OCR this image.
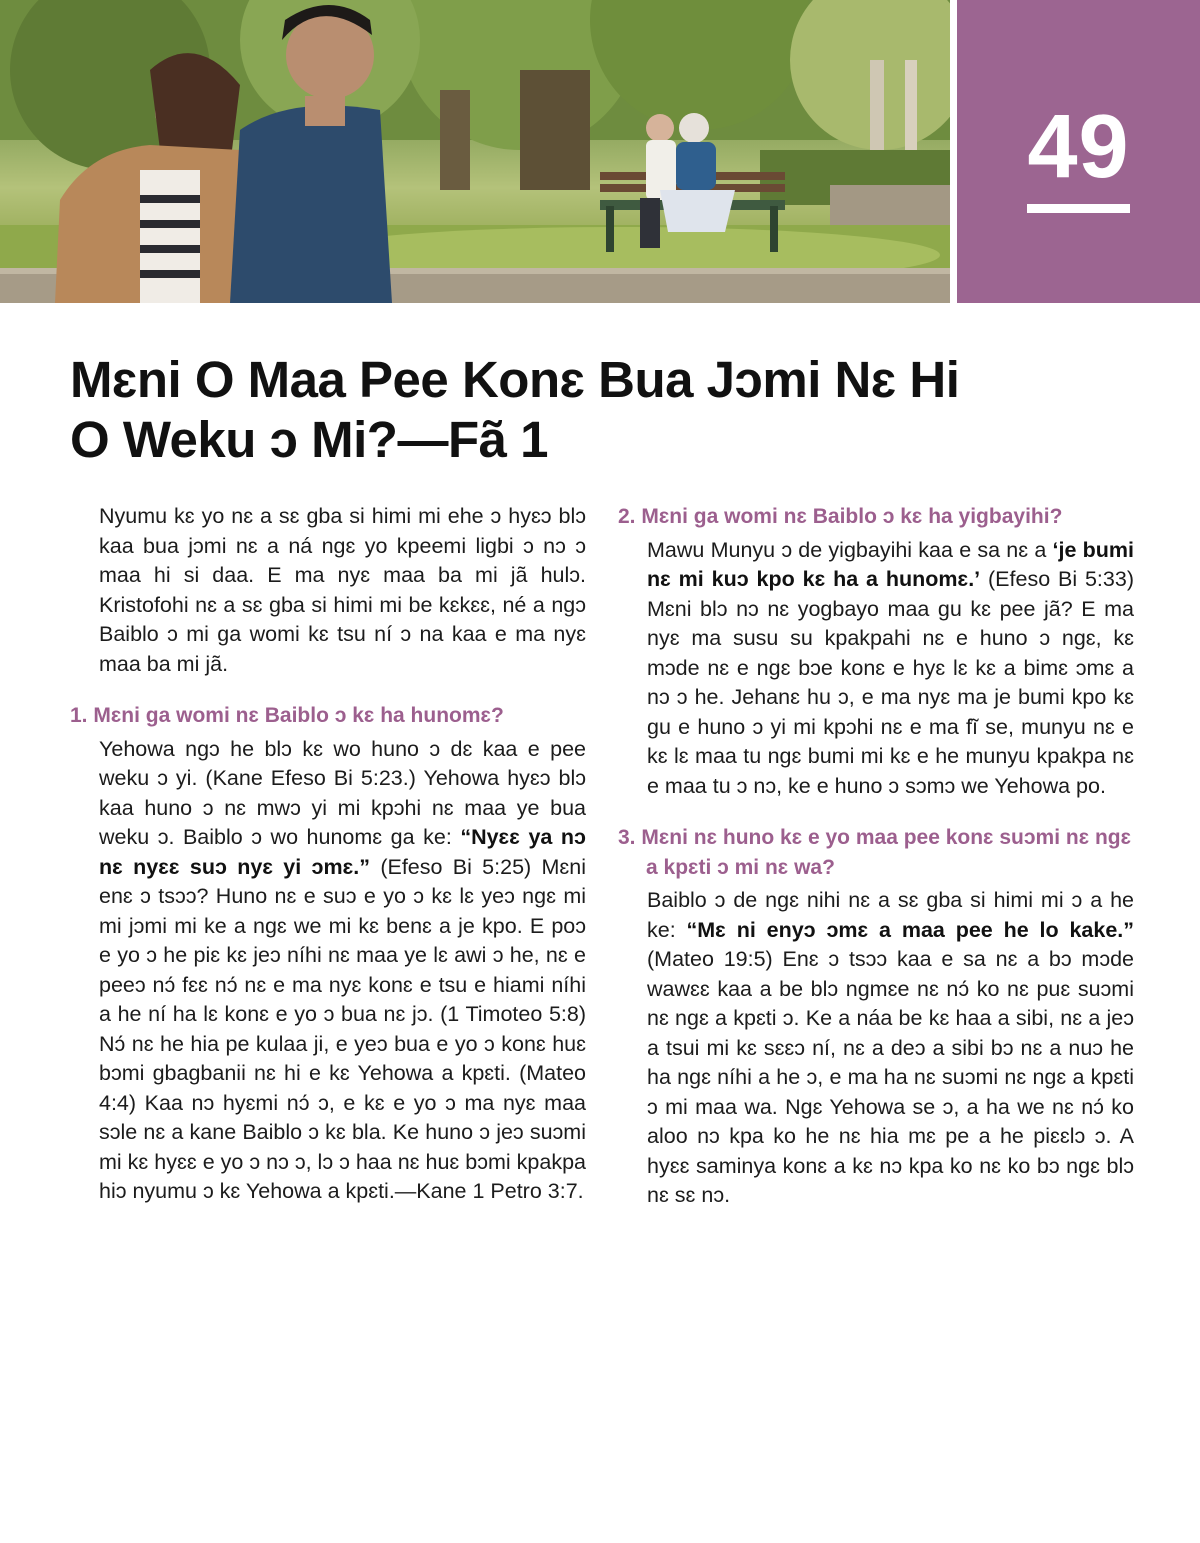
49
Mɛni O Maa Pee Konɛ Bua Jɔmi Nɛ Hi O Weku ɔ Mi?—Fã 1

Nyumu kɛ yo nɛ a sɛ gba si himi mi ehe ɔ hyɛɔ blɔ kaa bua jɔmi nɛ a ná ngɛ yo kpeemi ligbi ɔ nɔ ɔ maa hi si daa. E ma nyɛ maa ba mi jã hulɔ. Kristofohi nɛ a sɛ gba si himi mi be kɛkɛɛ, né a ngɔ Baiblo ɔ mi ga womi kɛ tsu ní ɔ na kaa e ma nyɛ maa ba mi jã.

1. Mɛni ga womi nɛ Baiblo ɔ kɛ ha hunomɛ?

Yehowa ngɔ he blɔ kɛ wo huno ɔ dɛ kaa e pee weku ɔ yi. (Kane Efeso Bi 5:23.) Yehowa hyɛɔ blɔ kaa huno ɔ nɛ mwɔ yi mi kpɔhi nɛ maa ye bua weku ɔ. Baiblo ɔ wo hunomɛ ga ke: “Nyɛɛ ya nɔ nɛ nyɛɛ suɔ nyɛ yi ɔmɛ.” (Efeso Bi 5:25) Mɛni enɛ ɔ tsɔɔ? Huno nɛ e suɔ e yo ɔ kɛ lɛ yeɔ ngɛ mi mi jɔmi mi ke a ngɛ we mi kɛ benɛ a je kpo. E poɔ e yo ɔ he piɛ kɛ jeɔ níhi nɛ maa ye lɛ awi ɔ he, nɛ e peeɔ nɔ́ fɛɛ nɔ́ nɛ e ma nyɛ konɛ e tsu e hiami níhi a he ní ha lɛ konɛ e yo ɔ bua nɛ jɔ. (1 Timoteo 5:8) Nɔ́ nɛ he hia pe kulaa ji, e yeɔ bua e yo ɔ konɛ huɛ bɔmi gbagbanii nɛ hi e kɛ Yehowa a kpɛti. (Mateo 4:4) Kaa nɔ hyɛmi nɔ́ ɔ, e kɛ e yo ɔ ma nyɛ maa sɔle nɛ a kane Baiblo ɔ kɛ bla. Ke huno ɔ jeɔ suɔmi mi kɛ hyɛɛ e yo ɔ nɔ ɔ, lɔ ɔ haa nɛ huɛ bɔmi kpakpa hiɔ nyumu ɔ kɛ Yehowa a kpɛti.—Kane 1 Petro 3:7.

2. Mɛni ga womi nɛ Baiblo ɔ kɛ ha yigbayihi?

Mawu Munyu ɔ de yigbayihi kaa e sa nɛ a ‘je bumi nɛ mi kuɔ kpo kɛ ha a hunomɛ.’ (Efeso Bi 5:33) Mɛni blɔ nɔ nɛ yogbayo maa gu kɛ pee jã? E ma nyɛ ma susu su kpakpahi nɛ e huno ɔ ngɛ, kɛ mɔde nɛ e ngɛ bɔe konɛ e hyɛ lɛ kɛ a bimɛ ɔmɛ a nɔ ɔ he. Jehanɛ hu ɔ, e ma nyɛ ma je bumi kpo kɛ gu e huno ɔ yi mi kpɔhi nɛ e ma fĩ se, munyu nɛ e kɛ lɛ maa tu ngɛ bumi mi kɛ e he munyu kpakpa nɛ e maa tu ɔ nɔ, ke e huno ɔ sɔmɔ we Yehowa po.

3. Mɛni nɛ huno kɛ e yo maa pee konɛ suɔmi nɛ ngɛ a kpɛti ɔ mi nɛ wa?

Baiblo ɔ de ngɛ nihi nɛ a sɛ gba si himi mi ɔ a he ke: “Mɛ ni enyɔ ɔmɛ a maa pee he lo kake.” (Mateo 19:5) Enɛ ɔ tsɔɔ kaa e sa nɛ a bɔ mɔde wawɛɛ kaa a be blɔ ngmɛe nɛ nɔ́ ko nɛ puɛ suɔmi nɛ ngɛ a kpɛti ɔ. Ke a náa be kɛ haa a sibi, nɛ a jeɔ a tsui mi kɛ sɛɛɔ ní, nɛ a deɔ a sibi bɔ nɛ a nuɔ he ha ngɛ níhi a he ɔ, e ma ha nɛ suɔmi nɛ ngɛ a kpɛti ɔ mi maa wa. Ngɛ Yehowa se ɔ, a ha we nɛ nɔ́ ko aloo nɔ kpa ko he nɛ hia mɛ pe a he piɛɛlɔ ɔ. A hyɛɛ saminya konɛ a kɛ nɔ kpa ko nɛ ko bɔ ngɛ blɔ nɛ sɛ nɔ.
